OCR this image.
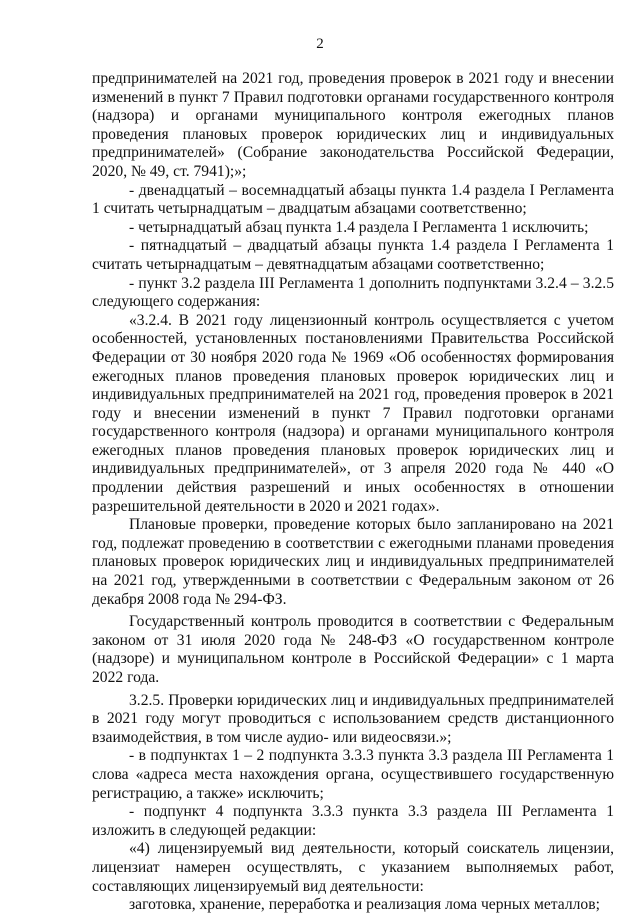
2

предпринимателей на 2021 год, проведения проверок в 2021 году и внесении изменений в пункт 7 Правил подготовки органами государственного контроля (надзора) и органами муниципального контроля ежегодных планов проведения плановых проверок юридических лиц и индивидуальных предпринимателей» (Собрание законодательства Российской Федерации, 2020, № 49, ст. 7941);»;

- двенадцатый – восемнадцатый абзацы пункта 1.4 раздела I Регламента 1 считать четырнадцатым – двадцатым абзацами соответственно;

- четырнадцатый абзац пункта 1.4 раздела I Регламента 1 исключить;

- пятнадцатый – двадцатый абзацы пункта 1.4 раздела I Регламента 1 считать четырнадцатым – девятнадцатым абзацами соответственно;

- пункт 3.2 раздела III Регламента 1 дополнить подпунктами 3.2.4 – 3.2.5 следующего содержания:

«3.2.4. В 2021 году лицензионный контроль осуществляется с учетом особенностей, установленных постановлениями Правительства Российской Федерации от 30 ноября 2020 года № 1969 «Об особенностях формирования ежегодных планов проведения плановых проверок юридических лиц и индивидуальных предпринимателей на 2021 год, проведения проверок в 2021 году и внесении изменений в пункт 7 Правил подготовки органами государственного контроля (надзора) и органами муниципального контроля ежегодных планов проведения плановых проверок юридических лиц и индивидуальных предпринимателей», от 3 апреля 2020 года № 440 «О продлении действия разрешений и иных особенностях в отношении разрешительной деятельности в 2020 и 2021 годах».

Плановые проверки, проведение которых было запланировано на 2021 год, подлежат проведению в соответствии с ежегодными планами проведения плановых проверок юридических лиц и индивидуальных предпринимателей на 2021 год, утвержденными в соответствии с Федеральным законом от 26 декабря 2008 года № 294-ФЗ.

Государственный контроль проводится в соответствии с Федеральным законом от 31 июля 2020 года № 248-ФЗ «О государственном контроле (надзоре) и муниципальном контроле в Российской Федерации» с 1 марта 2022 года.

3.2.5. Проверки юридических лиц и индивидуальных предпринимателей в 2021 году могут проводиться с использованием средств дистанционного взаимодействия, в том числе аудио- или видеосвязи.»;

- в подпунктах 1 – 2 подпункта 3.3.3 пункта 3.3 раздела III Регламента 1 слова «адреса места нахождения органа, осуществившего государственную регистрацию, а также» исключить;

- подпункт 4 подпункта 3.3.3 пункта 3.3 раздела III Регламента 1 изложить в следующей редакции:

«4) лицензируемый вид деятельности, который соискатель лицензии, лицензиат намерен осуществлять, с указанием выполняемых работ, составляющих лицензируемый вид деятельности:

заготовка, хранение, переработка и реализация лома черных металлов;
